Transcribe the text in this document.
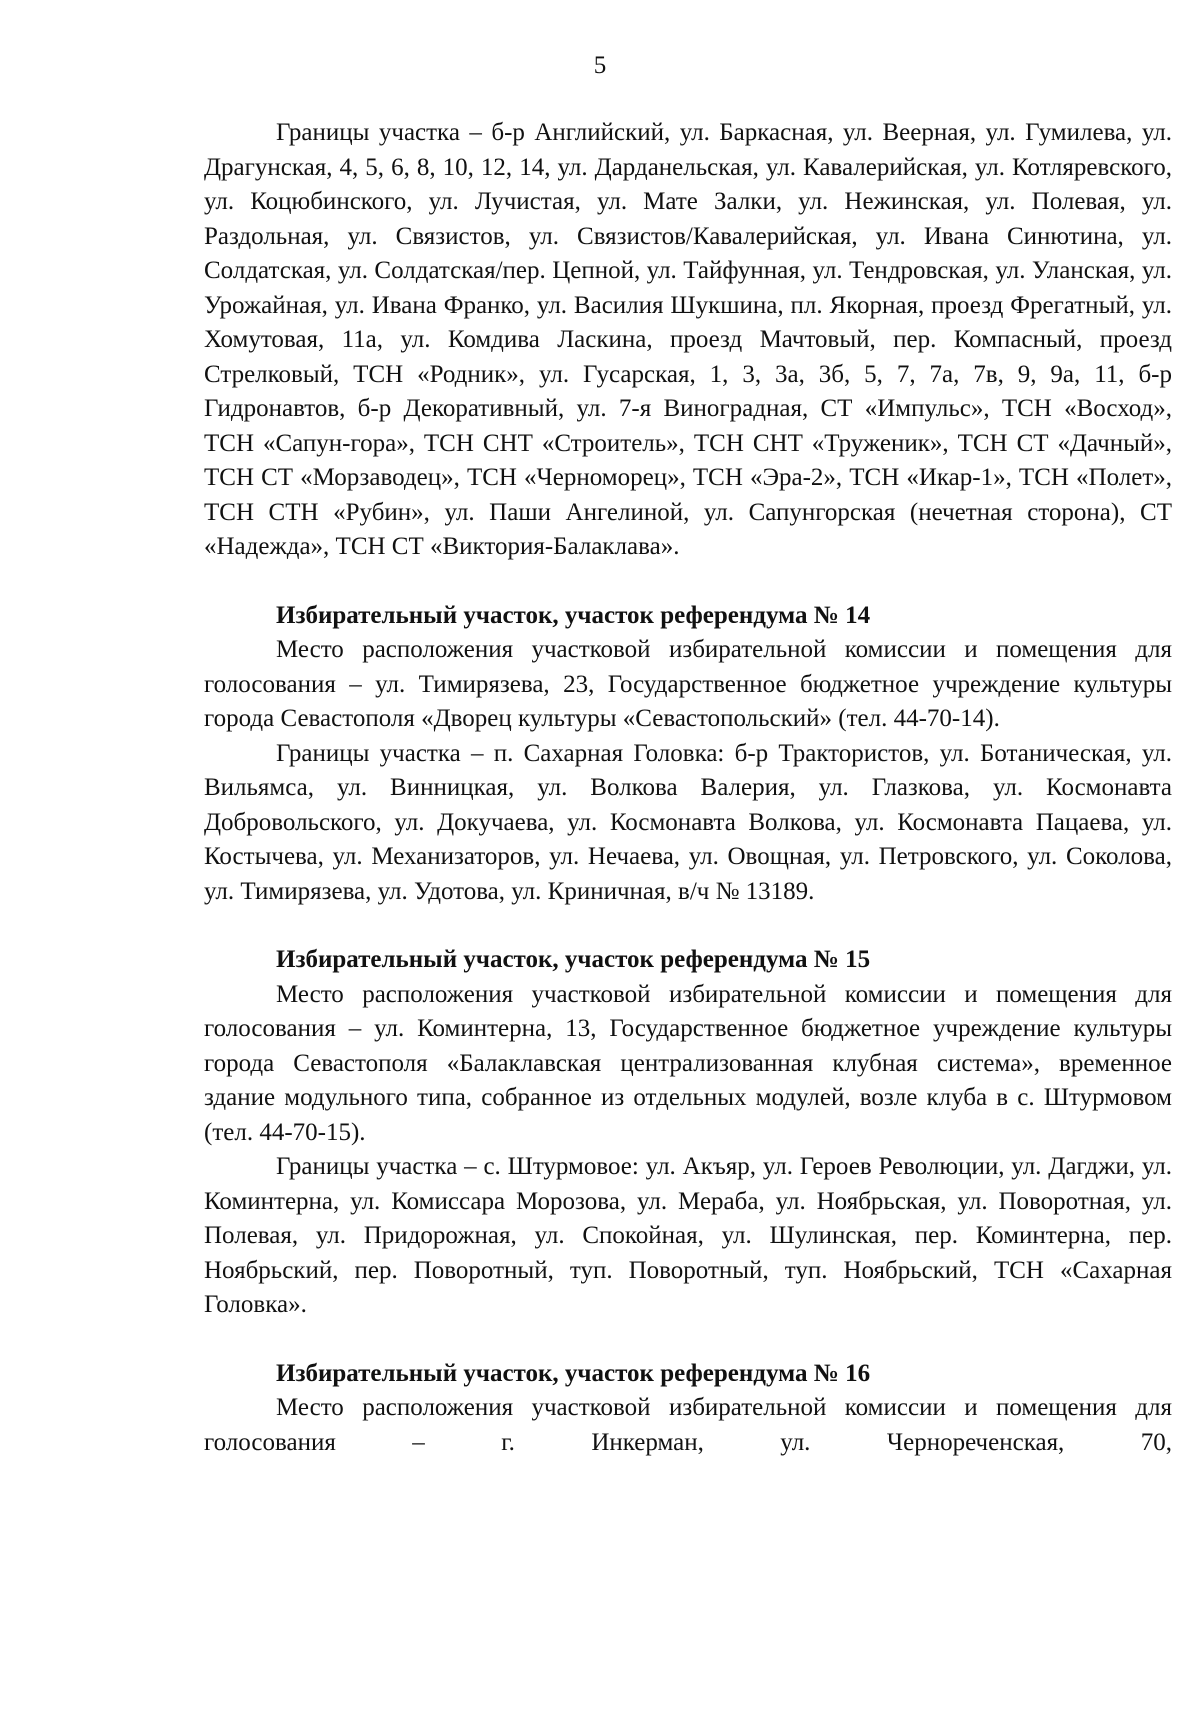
5

Границы участка – б-р Английский, ул. Баркасная, ул. Веерная, ул. Гумилева, ул. Драгунская, 4, 5, 6, 8, 10, 12, 14, ул. Дарданельская, ул. Кавалерийская, ул. Котляревского, ул. Коцюбинского, ул. Лучистая, ул. Мате Залки, ул. Нежинская, ул. Полевая, ул. Раздольная, ул. Связистов, ул. Связистов/Кавалерийская, ул. Ивана Синютина, ул. Солдатская, ул. Солдатская/пер. Цепной, ул. Тайфунная, ул. Тендровская, ул. Уланская, ул. Урожайная, ул. Ивана Франко, ул. Василия Шукшина, пл. Якорная, проезд Фрегатный, ул. Хомутовая, 11а, ул. Комдива Ласкина, проезд Мачтовый, пер. Компасный, проезд Стрелковый, ТСН «Родник», ул. Гусарская, 1, 3, 3а, 3б, 5, 7, 7а, 7в, 9, 9а, 11, б-р Гидронавтов, б-р Декоративный, ул. 7-я Виноградная, СТ «Импульс», ТСН «Восход», ТСН «Сапун-гора», ТСН СНТ «Строитель», ТСН СНТ «Труженик», ТСН СТ «Дачный», ТСН СТ «Морзаводец», ТСН «Черноморец», ТСН «Эра-2», ТСН «Икар-1», ТСН «Полет», ТСН СТН «Рубин», ул. Паши Ангелиной, ул. Сапунгорская (нечетная сторона), СТ «Надежда», ТСН СТ «Виктория-Балаклава».

Избирательный участок, участок референдума № 14

Место расположения участковой избирательной комиссии и помещения для голосования – ул. Тимирязева, 23, Государственное бюджетное учреждение культуры города Севастополя «Дворец культуры «Севастопольский» (тел. 44-70-14).

Границы участка – п. Сахарная Головка: б-р Трактористов, ул. Ботаническая, ул. Вильямса, ул. Винницкая, ул. Волкова Валерия, ул. Глазкова, ул. Космонавта Добровольского, ул. Докучаева, ул. Космонавта Волкова, ул. Космонавта Пацаева, ул. Костычева, ул. Механизаторов, ул. Нечаева, ул. Овощная, ул. Петровского, ул. Соколова, ул. Тимирязева, ул. Удотова, ул. Криничная, в/ч № 13189.

Избирательный участок, участок референдума № 15

Место расположения участковой избирательной комиссии и помещения для голосования – ул. Коминтерна, 13, Государственное бюджетное учреждение культуры города Севастополя «Балаклавская централизованная клубная система», временное здание модульного типа, собранное из отдельных модулей, возле клуба в с. Штурмовом (тел. 44-70-15).

Границы участка – с. Штурмовое: ул. Акъяр, ул. Героев Революции, ул. Дагджи, ул. Коминтерна, ул. Комиссара Морозова, ул. Мераба, ул. Ноябрьская, ул. Поворотная, ул. Полевая, ул. Придорожная, ул. Спокойная, ул. Шулинская, пер. Коминтерна, пер. Ноябрьский, пер. Поворотный, туп. Поворотный, туп. Ноябрьский, ТСН «Сахарная Головка».

Избирательный участок, участок референдума № 16

Место расположения участковой избирательной комиссии и помещения для голосования – г. Инкерман, ул. Чернореченская, 70,
